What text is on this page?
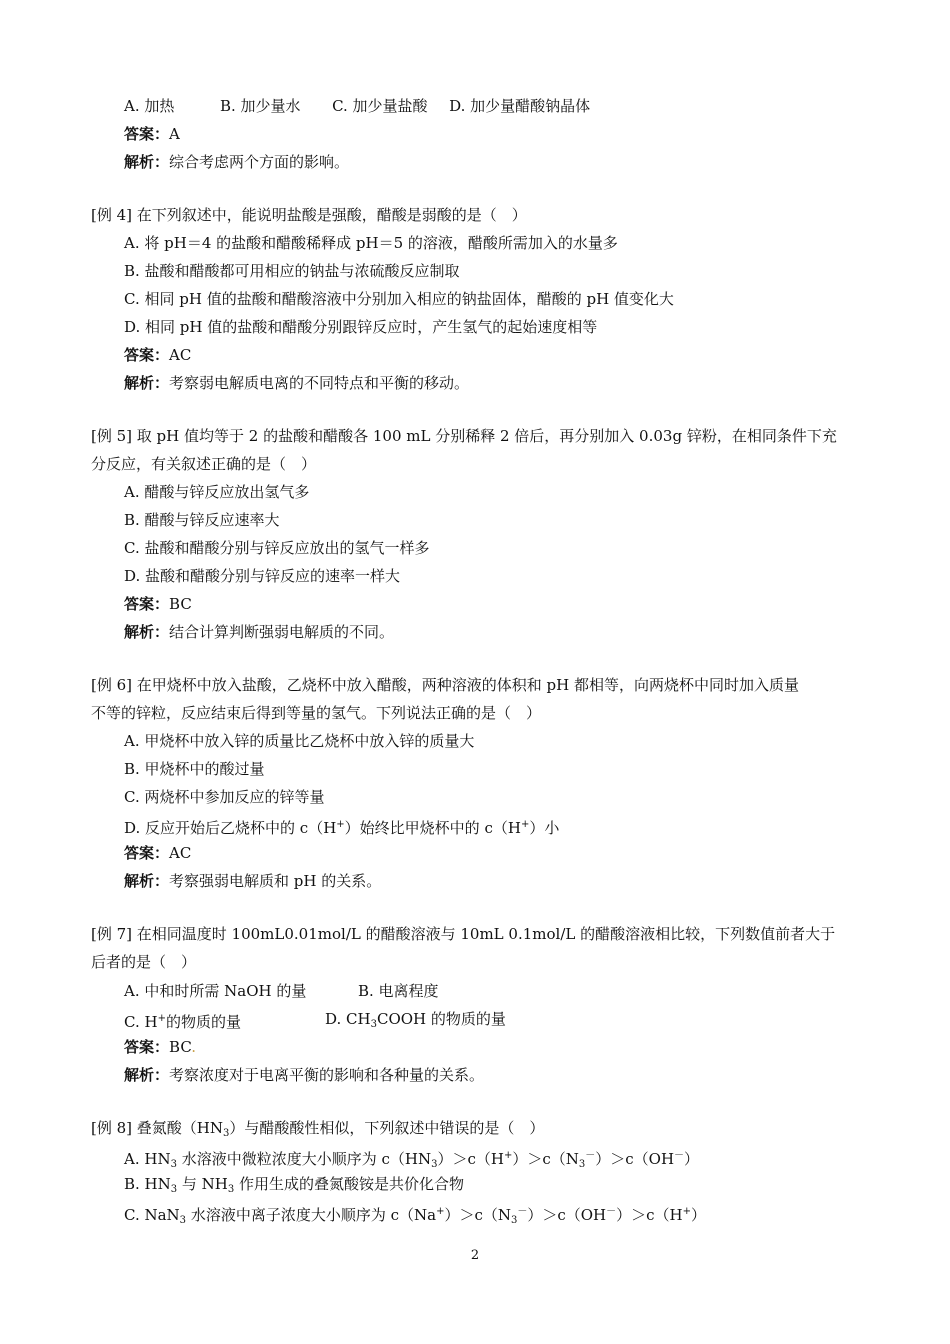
A. 加热	B. 加少量水 C. 加少量盐酸 D. 加少量醋酸钠晶体
答案：A
解析：综合考虑两个方面的影响。
[例 4] 在下列叙述中，能说明盐酸是强酸，醋酸是弱酸的是（　）
A. 将 pH＝4 的盐酸和醋酸稀释成 pH＝5 的溶液，醋酸所需加入的水量多
B. 盐酸和醋酸都可用相应的钠盐与浓硫酸反应制取
C. 相同 pH 值的盐酸和醋酸溶液中分别加入相应的钠盐固体，醋酸的 pH 值变化大
D. 相同 pH 值的盐酸和醋酸分别跟锌反应时，产生氢气的起始速度相等
答案：AC
解析：考察弱电解质电离的不同特点和平衡的移动。
[例 5] 取 pH 值均等于 2 的盐酸和醋酸各 100 mL 分别稀释 2 倍后，再分别加入 0.03g 锌粉，在相同条件下充
分反应，有关叙述正确的是（　）
A. 醋酸与锌反应放出氢气多
B. 醋酸与锌反应速率大
C. 盐酸和醋酸分别与锌反应放出的氢气一样多
D. 盐酸和醋酸分别与锌反应的速率一样大
答案：BC
解析：结合计算判断强弱电解质的不同。
[例 6] 在甲烧杯中放入盐酸，乙烧杯中放入醋酸，两种溶液的体积和 pH 都相等，向两烧杯中同时加入质量
不等的锌粒，反应结束后得到等量的氢气。下列说法正确的是（　）
A. 甲烧杯中放入锌的质量比乙烧杯中放入锌的质量大
B. 甲烧杯中的酸过量
C. 两烧杯中参加反应的锌等量
D. 反应开始后乙烧杯中的 c（H+）始终比甲烧杯中的 c（H+）小
答案：AC
解析：考察强弱电解质和 pH 的关系。
[例 7] 在相同温度时 100mL0.01mol/L 的醋酸溶液与 10mL 0.1mol/L 的醋酸溶液相比较，下列数值前者大于
后者的是（　）
A. 中和时所需 NaOH 的量	B. 电离程度
C. H+的物质的量	D. $CH_3COOH$ 的物质的量
答案：BC.
解析：考察浓度对于电离平衡的影响和各种量的关系。
[例 8] 叠氮酸$(HN_3)$与醋酸酸性相似，下列叙述中错误的是（　）
A. $HN_3$ 水溶液中微粒浓度大小顺序为 $c(HN_3)>c(H^+)>c(N_3^-)>c(OH^-)$
B. $HN_3$ 与 $NH_3$ 作用生成的叠氮酸铵是共价化合物
C. NaN$_3$ 水溶液中离子浓度大小顺序为 $c(Na^+)>c(N_3^-)>c(OH^-)>c(H^+)$
2
